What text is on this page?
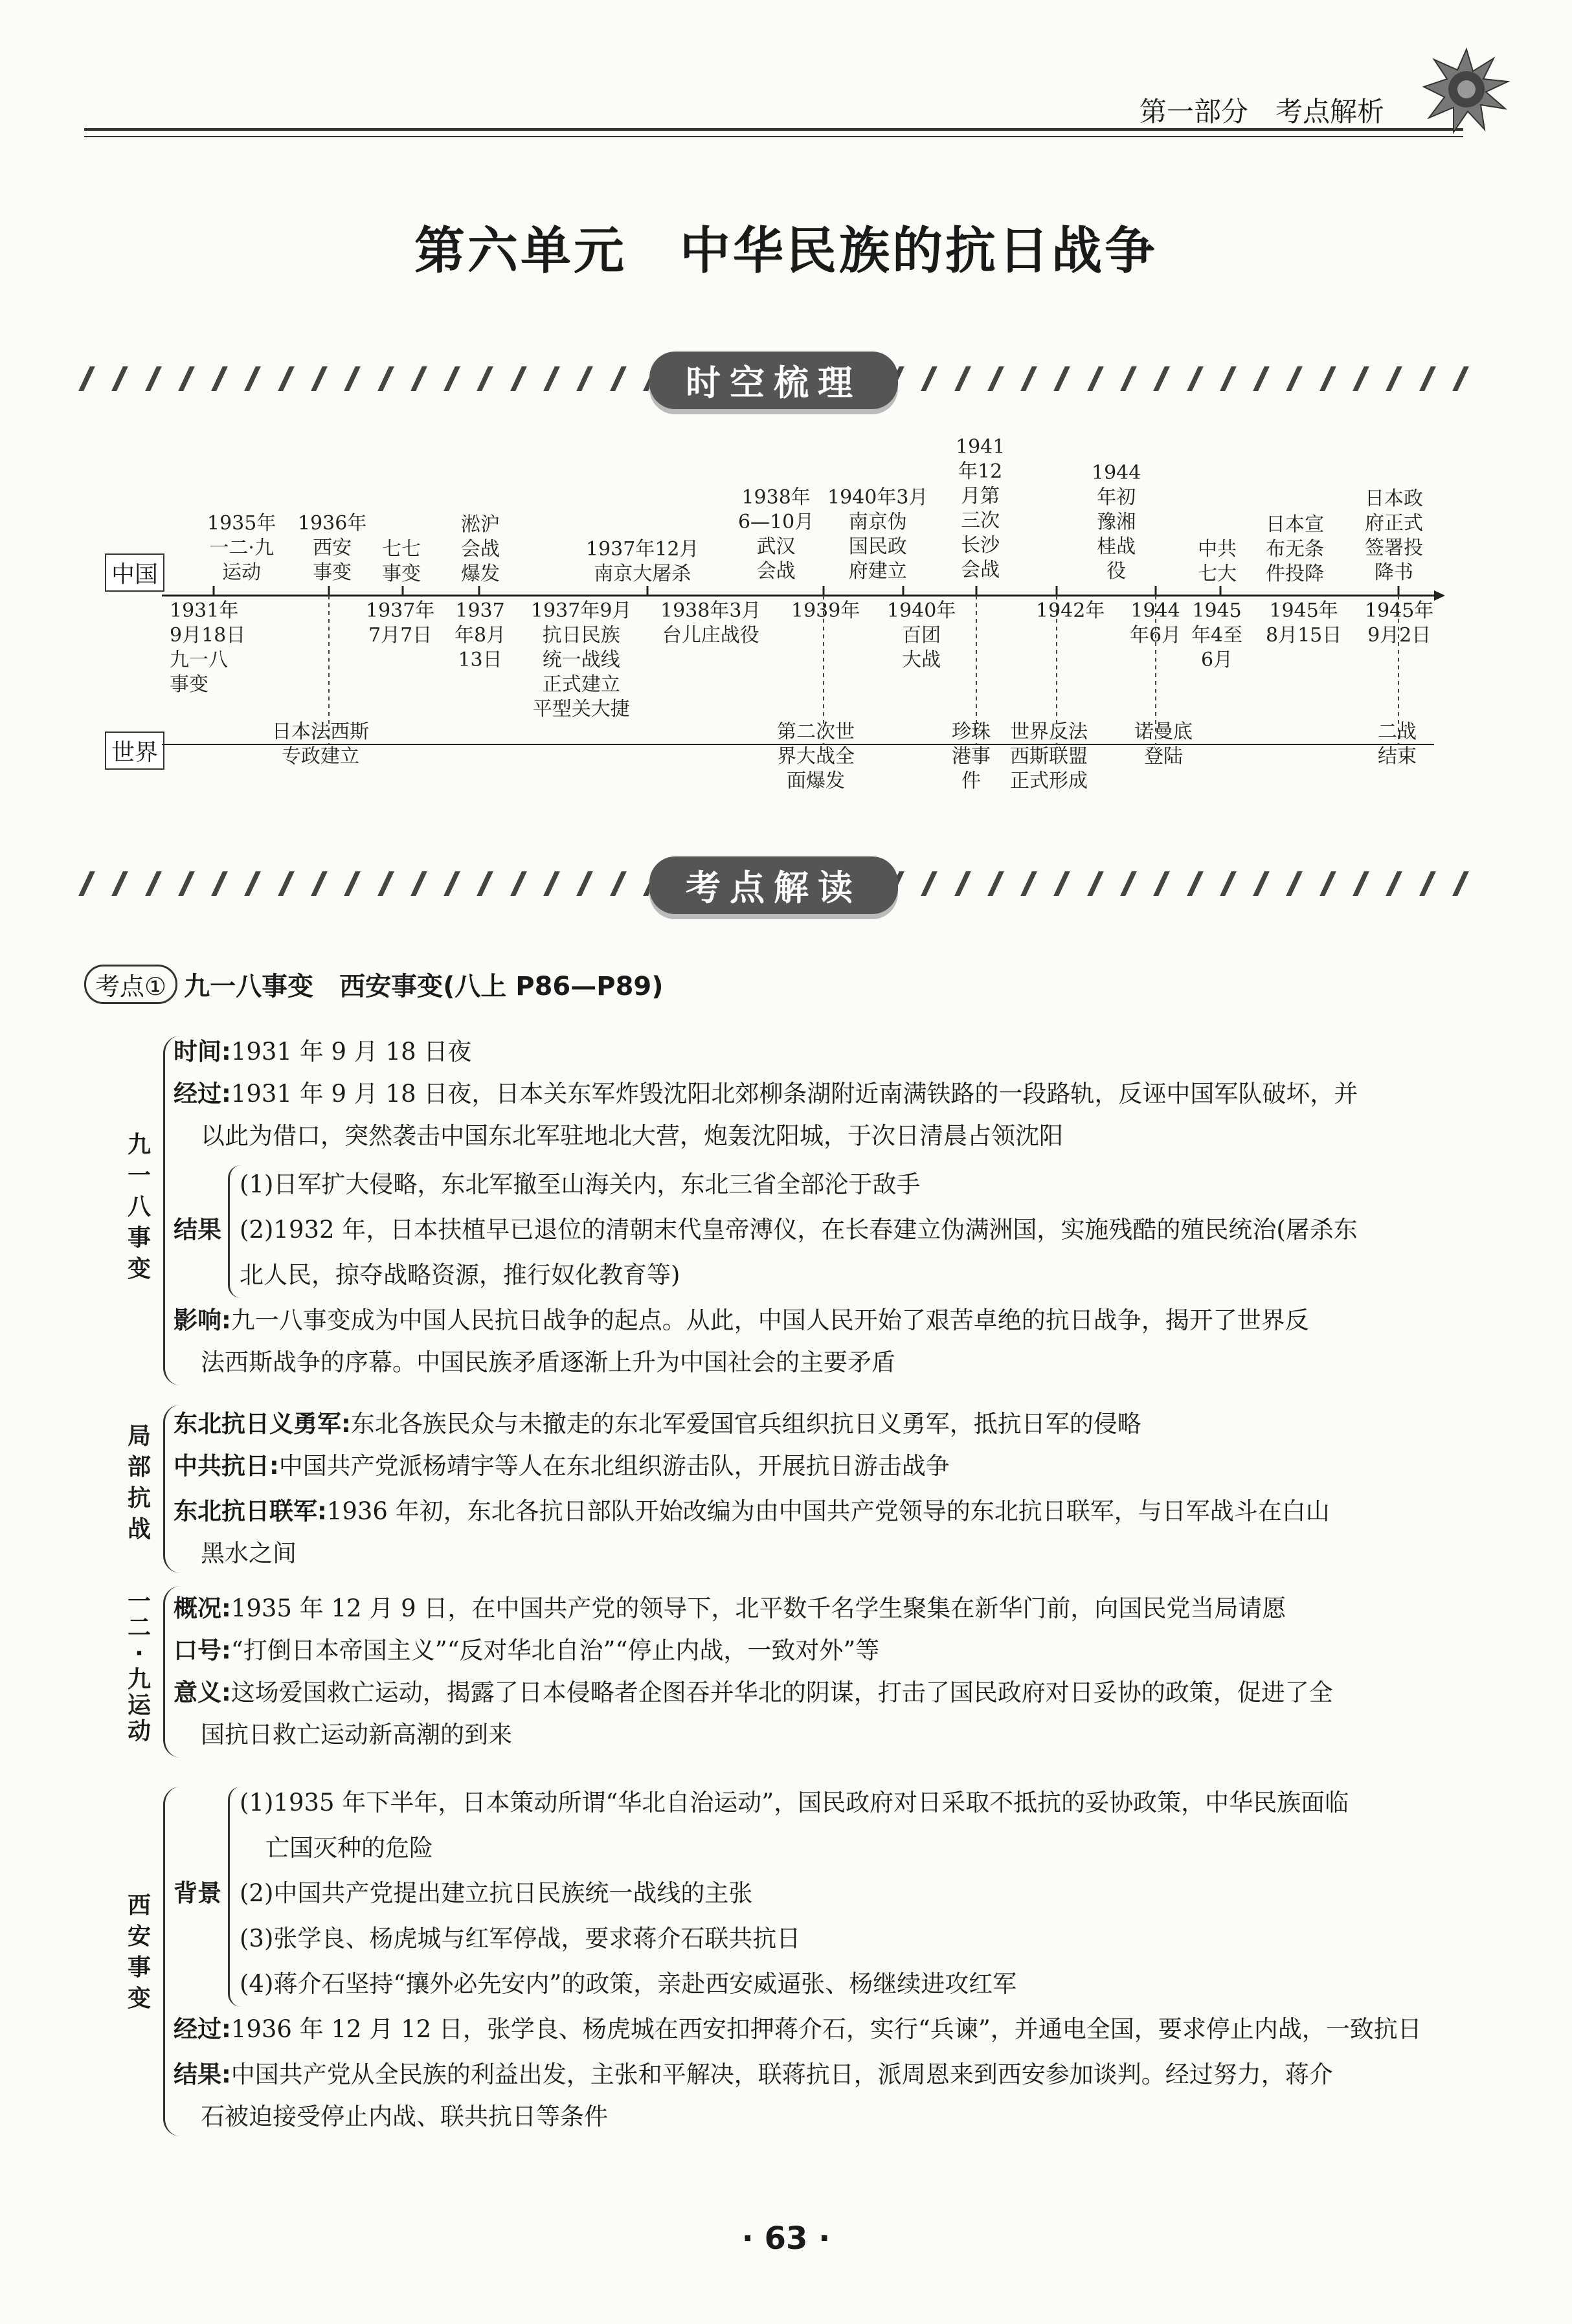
第一部分　考点解析
第六单元　中华民族的抗日战争
时空梳理
中国
世界
1935年
一二·九
运动
1936年
西安
事变
七七
事变
淞沪
会战
爆发
1937年12月
南京大屠杀
1938年
6—10月
武汉
会战
1940年3月
南京伪
国民政
府建立
1941
年12
月第
三次
长沙
会战
1944
年初
豫湘
桂战
役
中共
七大
日本宣
布无条
件投降
日本政
府正式
签署投
降书
1931年
9月18日
九一八
事变
1937年
7月7日
1937
年8月
13日
1937年9月
抗日民族
统一战线
正式建立
平型关大捷
1938年3月
台儿庄战役
1939年 1940年
百团
大战
1942年 1944
年6月
1945
年4至
6月
1945年
8月15日
1945年
9月2日
日本法西斯
专政建立
第二次世
界大战全
面爆发
珍珠
港事
件
世界反法
西斯联盟
正式形成
诺曼底
登陆
二战
结束
考点解读
考点① 九一八事变　西安事变(八上 P86—P89)
九
一
八
事
变
局
部
抗
战
一
二
·
九
运
动
西
安
事
变
时间:1931 年 9 月 18 日夜
经过:1931 年 9 月 18 日夜，日本关东军炸毁沈阳北郊柳条湖附近南满铁路的一段路轨，反诬中国军队破坏，并
以此为借口，突然袭击中国东北军驻地北大营，炮轰沈阳城，于次日清晨占领沈阳
(1)日军扩大侵略，东北军撤至山海关内，东北三省全部沦于敌手
结果 (2)1932 年，日本扶植早已退位的清朝末代皇帝溥仪，在长春建立伪满洲国，实施残酷的殖民统治(屠杀东
北人民，掠夺战略资源，推行奴化教育等)
影响:九一八事变成为中国人民抗日战争的起点。从此，中国人民开始了艰苦卓绝的抗日战争，揭开了世界反
法西斯战争的序幕。中国民族矛盾逐渐上升为中国社会的主要矛盾
东北抗日义勇军:东北各族民众与未撤走的东北军爱国官兵组织抗日义勇军，抵抗日军的侵略
中共抗日:中国共产党派杨靖宇等人在东北组织游击队，开展抗日游击战争
东北抗日联军:1936 年初，东北各抗日部队开始改编为由中国共产党领导的东北抗日联军，与日军战斗在白山
黑水之间
概况:1935 年 12 月 9 日，在中国共产党的领导下，北平数千名学生聚集在新华门前，向国民党当局请愿
口号:“打倒日本帝国主义”“反对华北自治”“停止内战，一致对外”等
意义:这场爱国救亡运动，揭露了日本侵略者企图吞并华北的阴谋，打击了国民政府对日妥协的政策，促进了全
国抗日救亡运动新高潮的到来
(1)1935 年下半年，日本策动所谓“华北自治运动”，国民政府对日采取不抵抗的妥协政策，中华民族面临
亡国灭种的危险
背景 (2)中国共产党提出建立抗日民族统一战线的主张
(3)张学良、杨虎城与红军停战，要求蒋介石联共抗日
(4)蒋介石坚持“攘外必先安内”的政策，亲赴西安威逼张、杨继续进攻红军
经过:1936 年 12 月 12 日，张学良、杨虎城在西安扣押蒋介石，实行“兵谏”，并通电全国，要求停止内战，一致抗日
结果:中国共产党从全民族的利益出发，主张和平解决，联蒋抗日，派周恩来到西安参加谈判。经过努力，蒋介
石被迫接受停止内战、联共抗日等条件
· 63 ·
